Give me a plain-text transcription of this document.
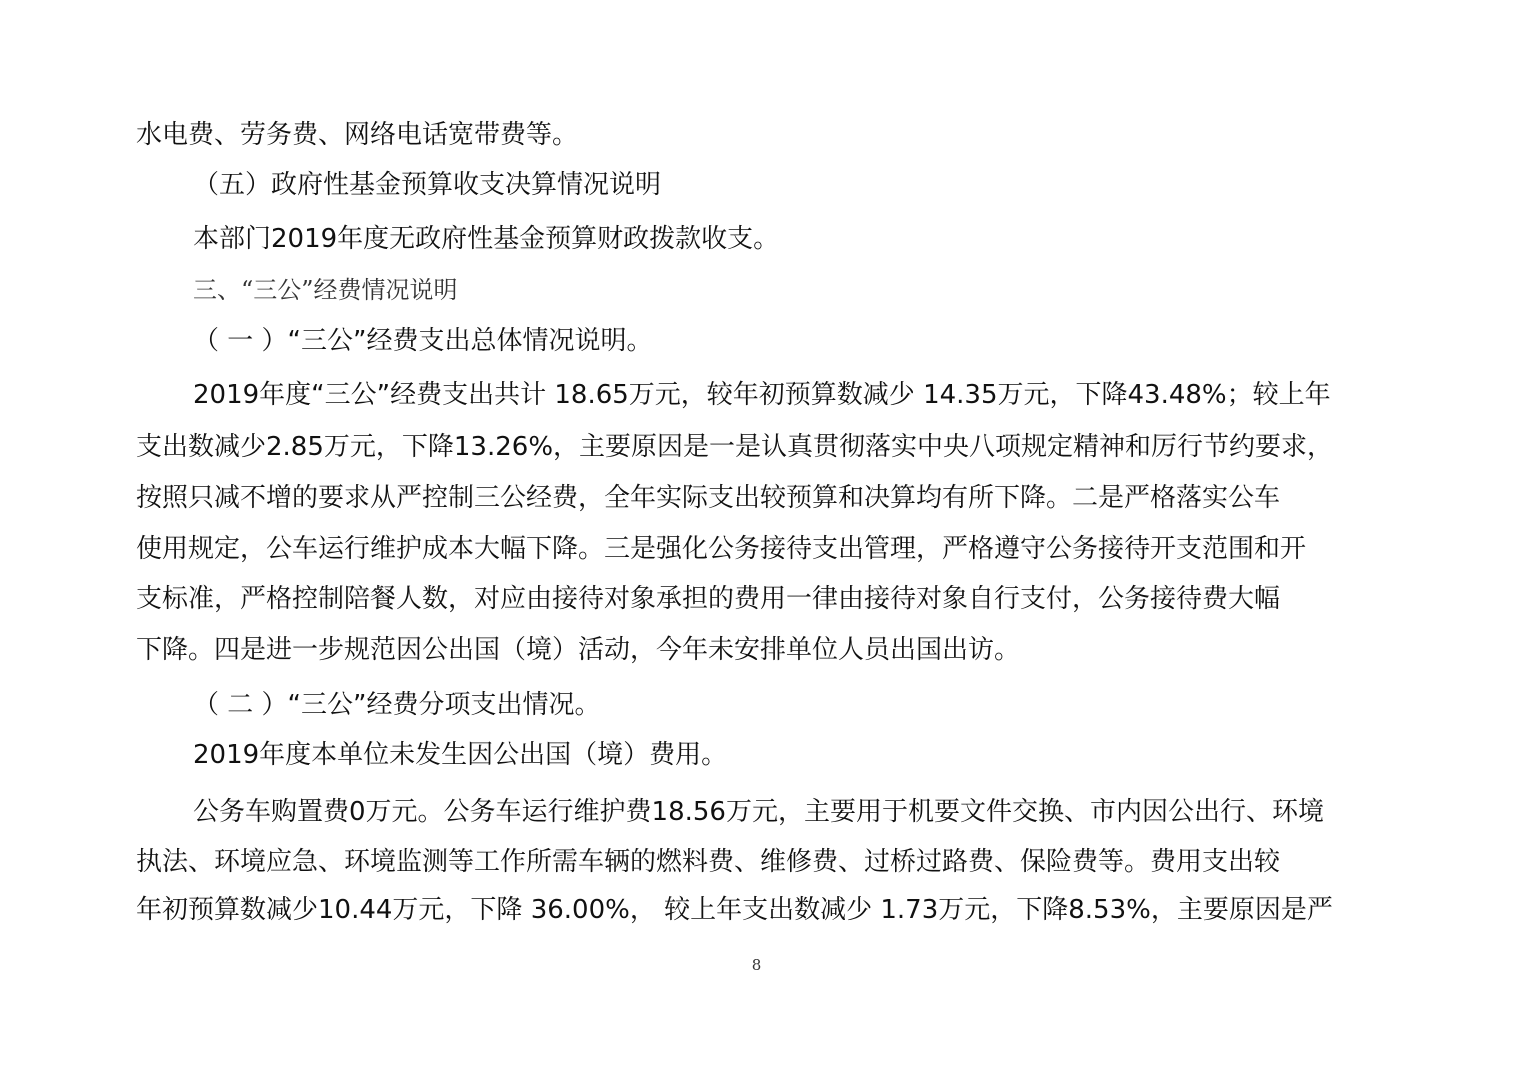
水电费、劳务费、网络电话宽带费等。
（五）政府性基金预算收支决算情况说明
本部门2019年度无政府性基金预算财政拨款收支。
三、“三公”经费情况说明
（ 一 ）“三公”经费支出总体情况说明。
2019年度“三公”经费支出共计 18.65万元，较年初预算数减少 14.35万元，下降43.48%；较上年
支出数减少2.85万元，下降13.26%，主要原因是一是认真贯彻落实中央八项规定精神和厉行节约要求，
按照只减不增的要求从严控制三公经费，全年实际支出较预算和决算均有所下降。二是严格落实公车
使用规定，公车运行维护成本大幅下降。三是强化公务接待支出管理，严格遵守公务接待开支范围和开
支标准，严格控制陪餐人数，对应由接待对象承担的费用一律由接待对象自行支付，公务接待费大幅
下降。四是进一步规范因公出国（境）活动，今年未安排单位人员出国出访。
（ 二 ）“三公”经费分项支出情况。
2019年度本单位未发生因公出国（境）费用。
公务车购置费0万元。公务车运行维护费18.56万元，主要用于机要文件交换、市内因公出行、环境
执法、环境应急、环境监测等工作所需车辆的燃料费、维修费、过桥过路费、保险费等。费用支出较
年初预算数减少10.44万元，下降 36.00%， 较上年支出数减少 1.73万元，下降8.53%，主要原因是严
8
